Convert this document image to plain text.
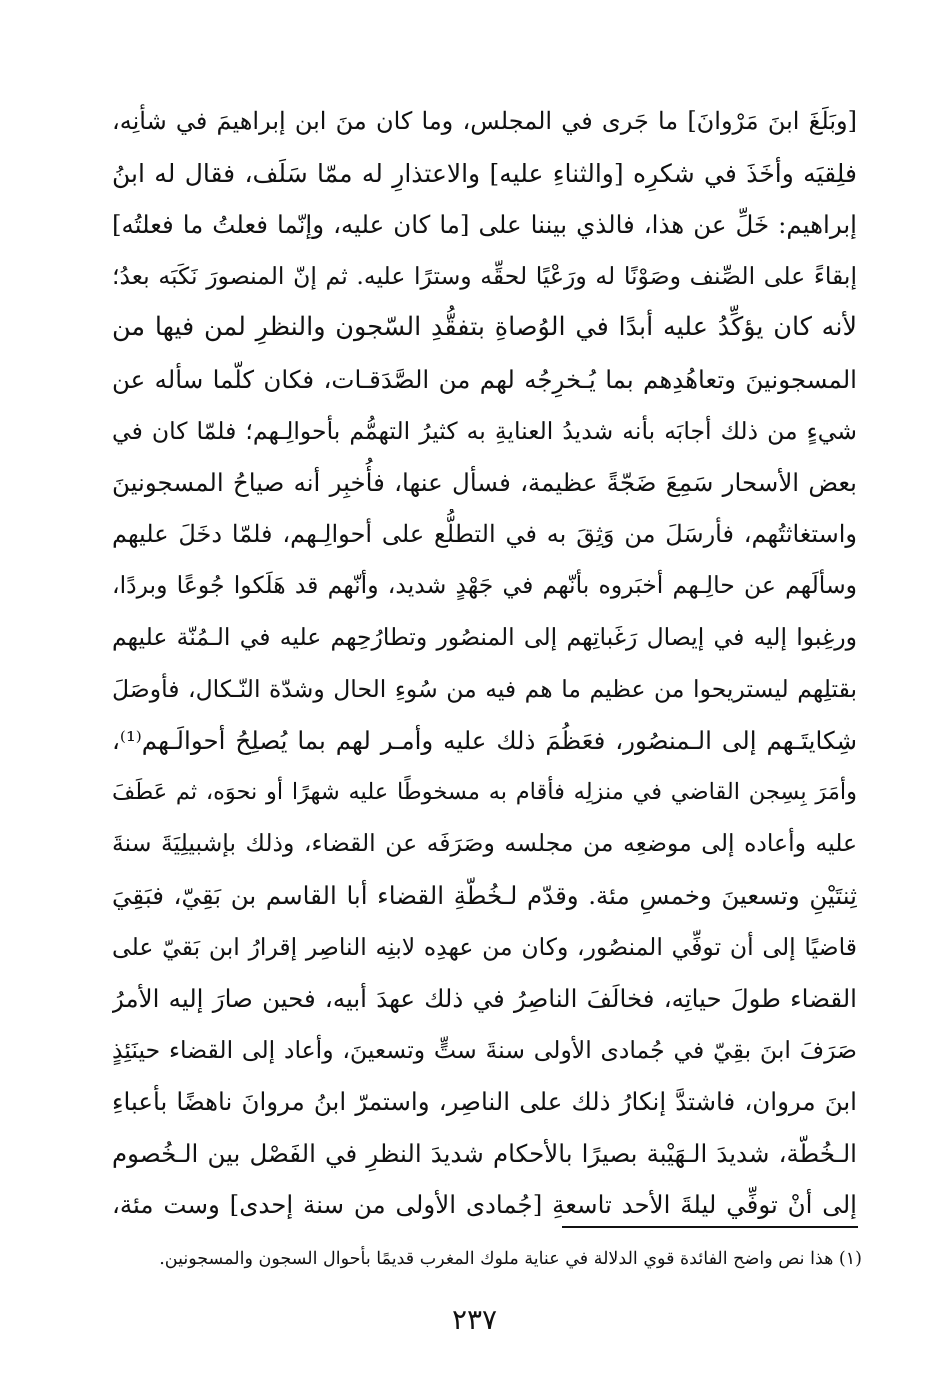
[وبَلَغَ ابنَ مَرْوانَ] ما جَرى في المجلس، وما كان منَ ابن إبراهيمَ في شأنِه،
فلِقيَه وأخَذَ في شكرِه [والثناءِ عليه] والاعتذارِ له ممّا سَلَف، فقال له ابنُ
إبراهيم: خَلِّ عن هذا، فالذي بيننا على [ما كان عليه، وإنّما فعلتُ ما فعلتُه]
إبقاءً على الصِّنف وصَوْنًا له ورَعْيًا لحقِّه وسترًا عليه. ثم إنّ المنصورَ نَكَبَه بعدُ؛
لأنه كان يؤكِّدُ عليه أبدًا في الوُصاةِ بتفقُّدِ السّجون والنظرِ لمن فيها من
المسجونينَ وتعاهُدِهم بما يُـخرِجُه لهم من الصَّدَقـات، فكان كلّما سأله عن
شيءٍ من ذلك أجابَه بأنه شديدُ العنايةِ به كثيرُ التهمُّم بأحوالِـهم؛ فلمّا كان في
بعض الأسحار سَمِعَ ضَجّةً عظيمة، فسأل عنها، فأُخبِر أنه صياحُ المسجونينَ
واستغاثتُهم، فأرسَلَ من وَثِقَ به في التطلُّع على أحوالِـهم، فلمّا دخَلَ عليهم
وسألَهم عن حالِـهم أخبَروه بأنّهم في جَهْدٍ شديد، وأنّهم قد هَلَكوا جُوعًا وبردًا،
ورغِبوا إليه في إيصال رَغَباتِهم إلى المنصُور وتطارُحِهم عليه في الـمُنّة عليهم
بقتلِهم ليستريحوا من عظيم ما هم فيه من سُوءِ الحال وشدّة النّـكال، فأوصَلَ
شِكايتَـهم إلى الـمنصُور، فعَظُمَ ذلك عليه وأمـر لهم بما يُصلِحُ أحوالَـهم⁽¹⁾،
وأمَرَ بِسِجن القاضي في منزلِه فأقام به مسخوطًا عليه شهرًا أو نحوَه، ثم عَطَفَ
عليه وأعاده إلى موضعِه من مجلسه وصَرَفَه عن القضاء، وذلك بإشبيلِيَةَ سنةَ
ثِنتَيْنِ وتسعينَ وخمسِ مئة. وقدّم لـخُطّةِ القضاء أبا القاسم بن بَقِيّ، فبَقِيَ
قاضيًا إلى أن توفِّي المنصُور، وكان من عهدِه لابنِه الناصِر إقرارُ ابن بَقيّ على
القضاء طولَ حياتِه، فخالَفَ الناصِرُ في ذلك عهدَ أبيه، فحين صارَ إليه الأمرُ
صَرَفَ ابنَ بقِيّ في جُمادى الأولى سنةَ ستٍّ وتسعينَ، وأعاد إلى القضاء حينَئِذٍ
ابنَ مروان، فاشتدَّ إنكارُ ذلك على الناصِر، واستمرّ ابنُ مروانَ ناهضًا بأعباءِ
الـخُطّة، شديدَ الـهَيْبة بصيرًا بالأحكام شديدَ النظرِ في الفَصْل بين الـخُصوم
إلى أنْ توفِّي ليلةَ الأحد تاسعةِ [جُمادى الأولى من سنة إحدى] وست مئة،
(١) هذا نص واضح الفائدة قوي الدلالة في عناية ملوك المغرب قديمًا بأحوال السجون والمسجونين.
٢٣٧
